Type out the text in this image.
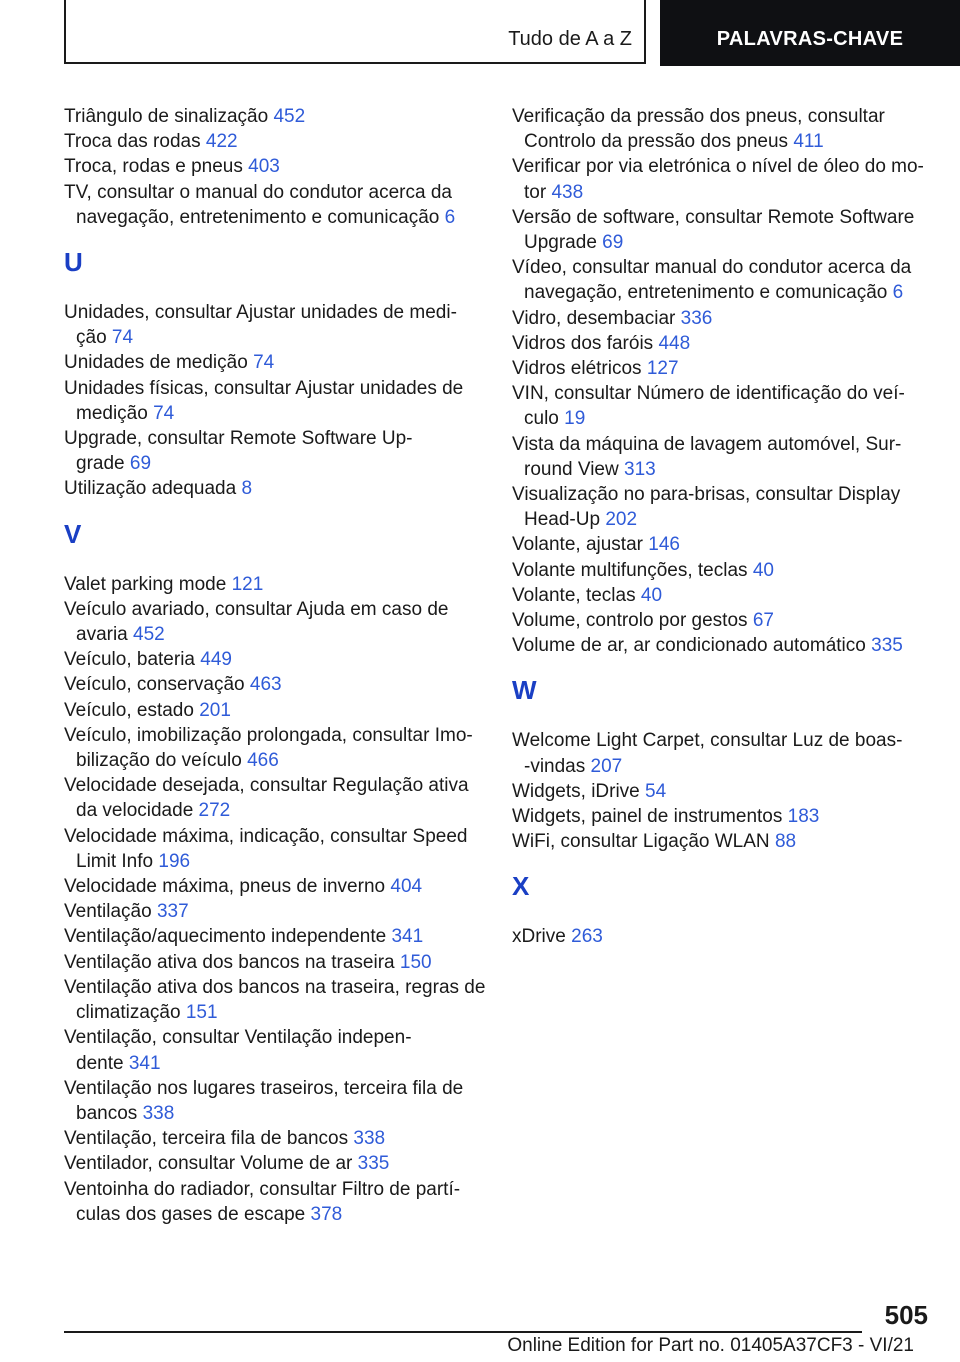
Tudo de A a Z	PALAVRAS-CHAVE
Triângulo de sinalização 452
Troca das rodas 422
Troca, rodas e pneus 403
TV, consultar o manual do condutor acerca da
navegação, entretenimento e comunicação 6
U
Unidades, consultar Ajustar unidades de medi‐
ção 74
Unidades de medição 74
Unidades físicas, consultar Ajustar unidades de
medição 74
Upgrade, consultar Remote Software Up‐
grade 69
Utilização adequada 8
V
Valet parking mode 121
Veículo avariado, consultar Ajuda em caso de
avaria 452
Veículo, bateria 449
Veículo, conservação 463
Veículo, estado 201
Veículo, imobilização prolongada, consultar Imo‐
bilização do veículo 466
Velocidade desejada, consultar Regulação ativa
da velocidade 272
Velocidade máxima, indicação, consultar Speed
Limit Info 196
Velocidade máxima, pneus de inverno 404
Ventilação 337
Ventilação/aquecimento independente 341
Ventilação ativa dos bancos na traseira 150
Ventilação ativa dos bancos na traseira, regras de
climatização 151
Ventilação, consultar Ventilação indepen‐
dente 341
Ventilação nos lugares traseiros, terceira fila de
bancos 338
Ventilação, terceira fila de bancos 338
Ventilador, consultar Volume de ar 335
Ventoinha do radiador, consultar Filtro de partí‐
culas dos gases de escape 378
Verificação da pressão dos pneus, consultar
Controlo da pressão dos pneus 411
Verificar por via eletrónica o nível de óleo do mo‐
tor 438
Versão de software, consultar Remote Software
Upgrade 69
Vídeo, consultar manual do condutor acerca da
navegação, entretenimento e comunicação 6
Vidro, desembaciar 336
Vidros dos faróis 448
Vidros elétricos 127
VIN, consultar Número de identificação do veí‐
culo 19
Vista da máquina de lavagem automóvel, Sur‐
round View 313
Visualização no para-brisas, consultar Display
Head-Up 202
Volante, ajustar 146
Volante multifunções, teclas 40
Volante, teclas 40
Volume, controlo por gestos 67
Volume de ar, ar condicionado automático 335
W
Welcome Light Carpet, consultar Luz de boas-
-vindas 207
Widgets, iDrive 54
Widgets, painel de instrumentos 183
WiFi, consultar Ligação WLAN 88
X
xDrive 263
505
Online Edition for Part no. 01405A37CF3 - VI/21
